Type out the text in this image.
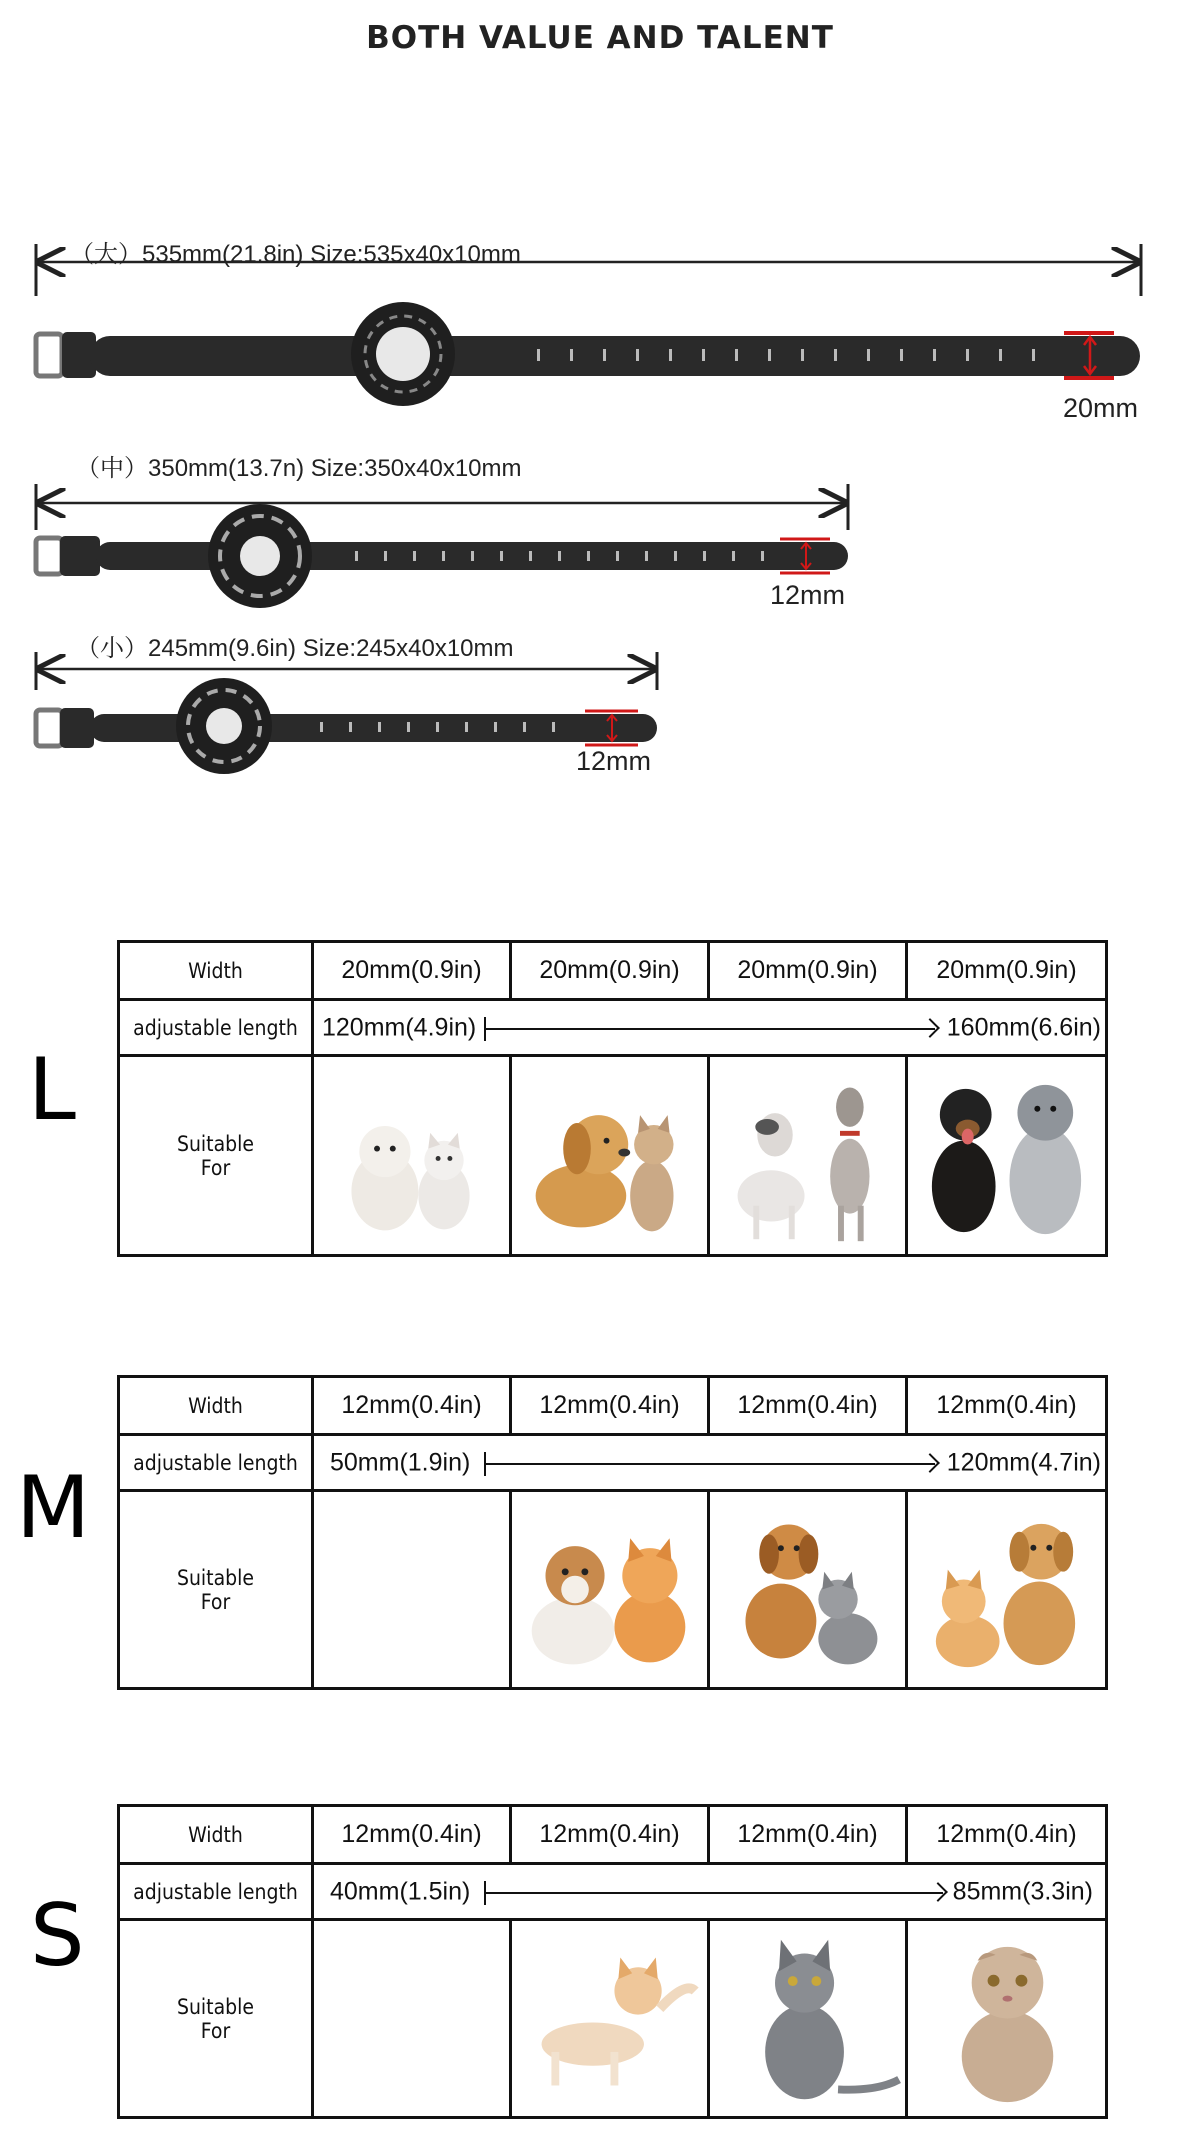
BOTH VALUE AND TALENT
（大）535mm(21.8in) Size:535x40x10mm
20mm
（中）350mm(13.7n) Size:350x40x10mm
12mm
（小）245mm(9.6in) Size:245x40x10mm
12mm
L
Width	20mm(0.9in)	20mm(0.9in)	20mm(0.9in)	20mm(0.9in)
adjustable length	120mm(4.9in) 160mm(6.6in)			

Suitable
For

M
Width	12mm(0.4in)	12mm(0.4in)	12mm(0.4in)	12mm(0.4in)
adjustable length	50mm(1.9in) 120mm(4.7in)			

Suitable
For

S
Width	12mm(0.4in)	12mm(0.4in)	12mm(0.4in)	12mm(0.4in)
adjustable length	40mm(1.5in) 85mm(3.3in)			

Suitable
For
